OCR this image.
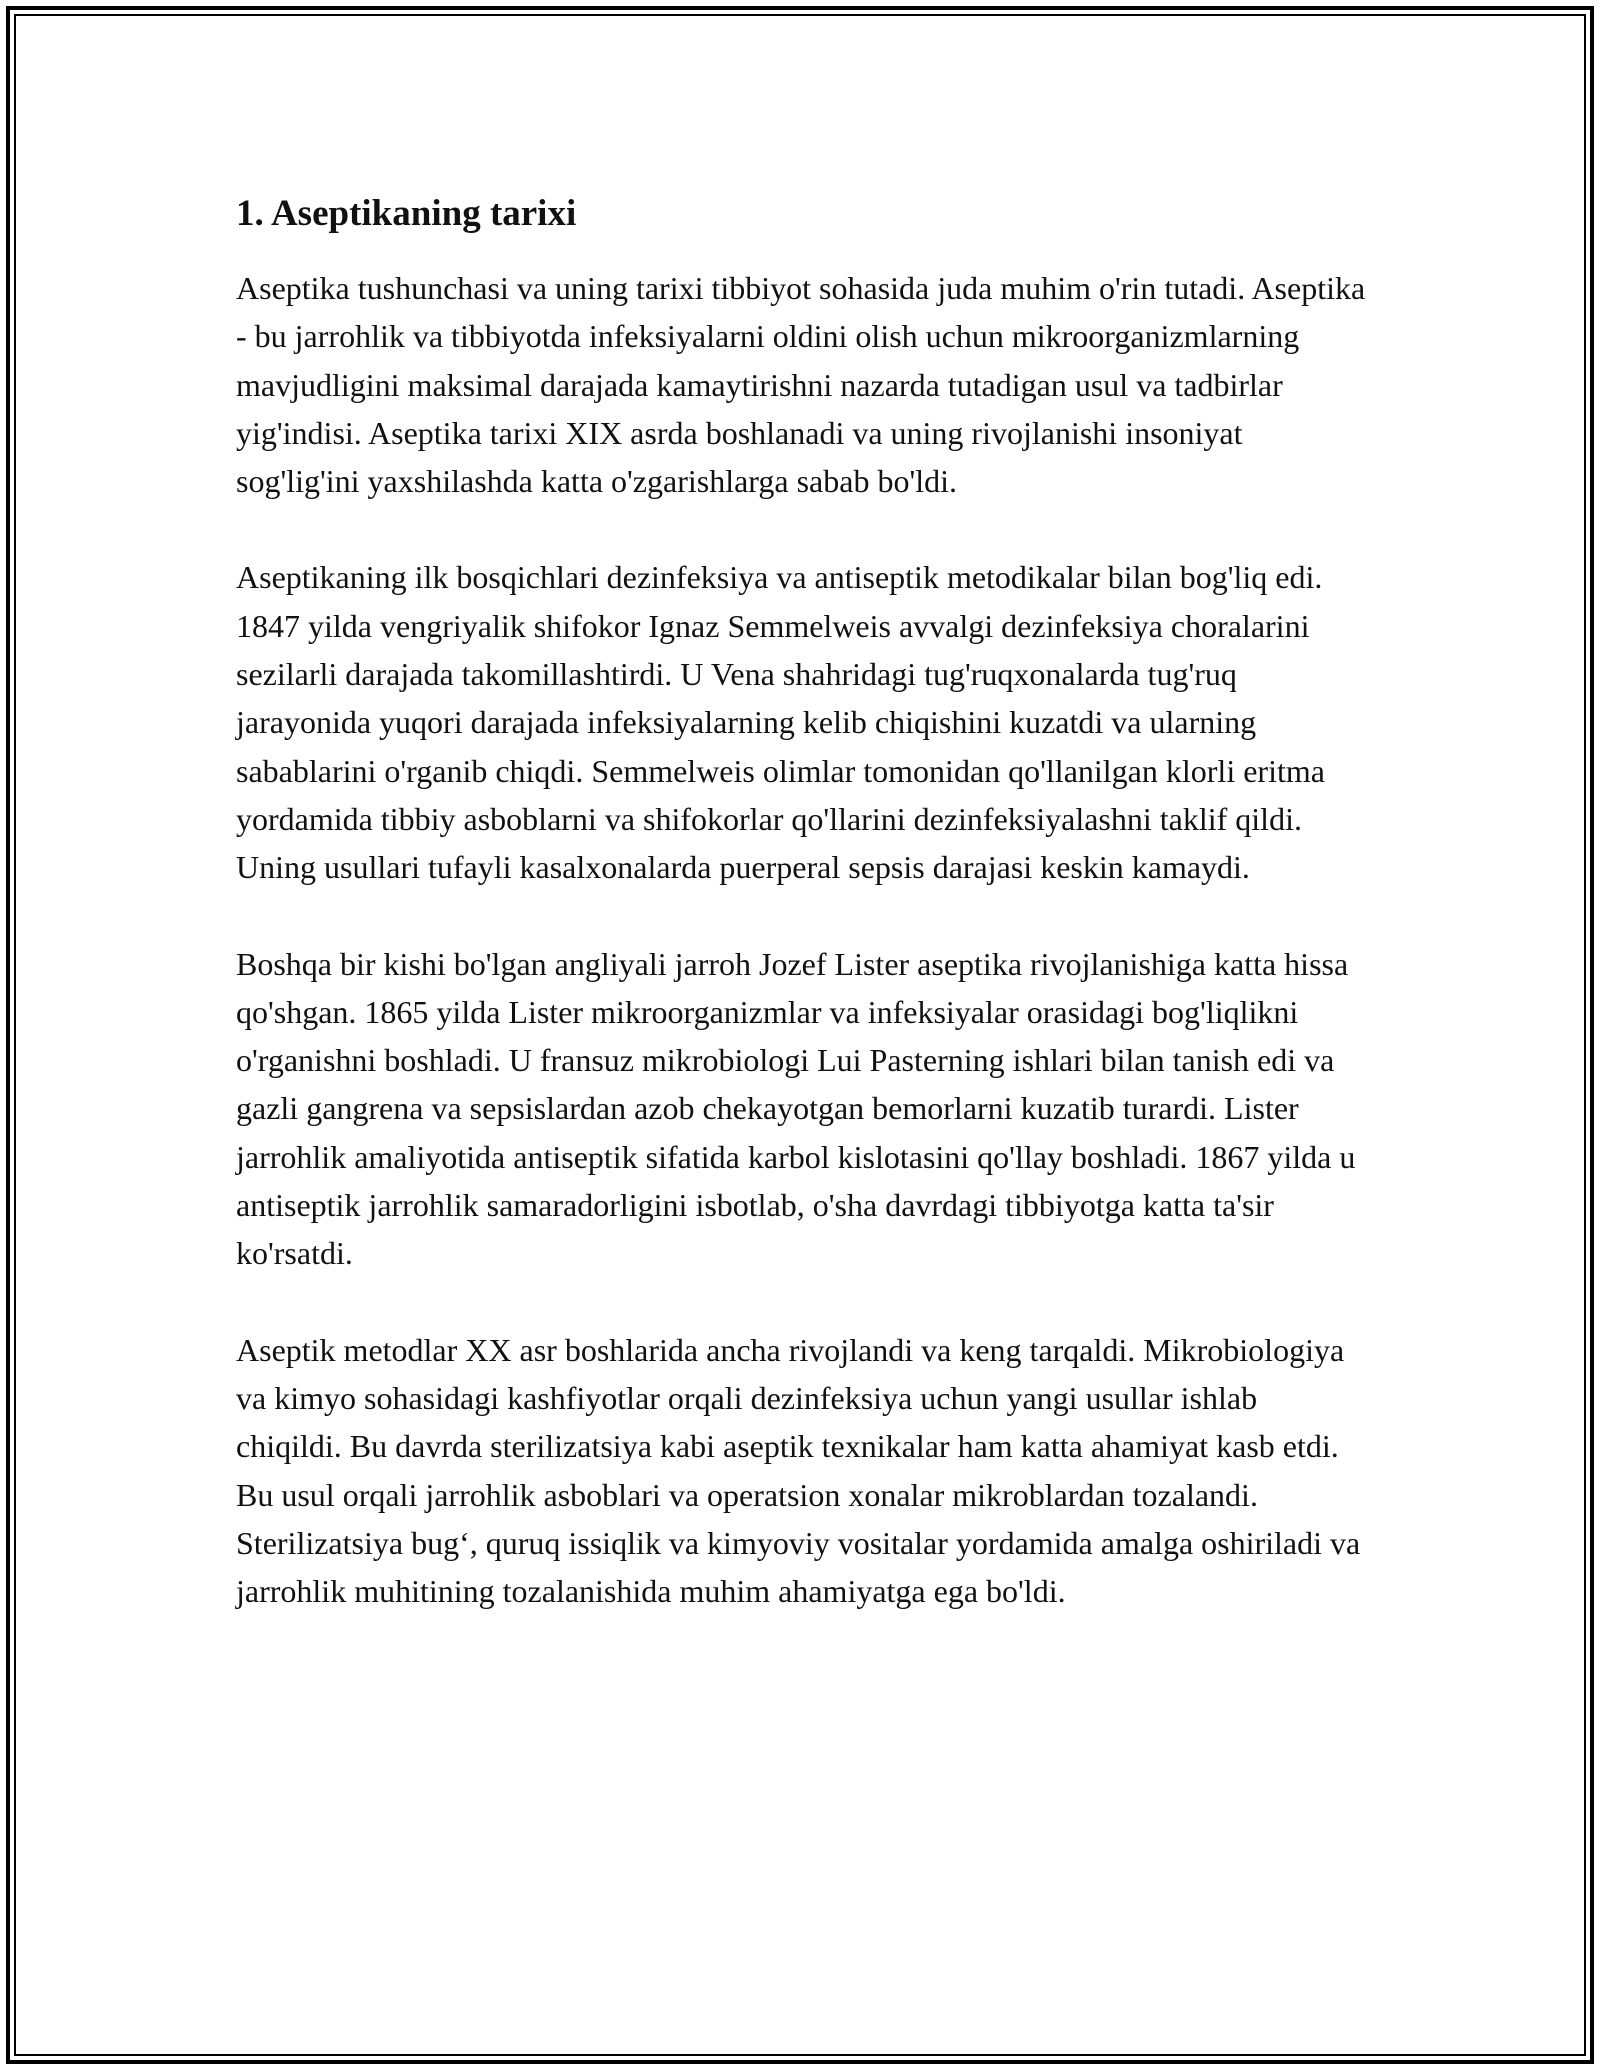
1. Aseptikaning tarixi

Aseptika tushunchasi va uning tarixi tibbiyot sohasida juda muhim o'rin tutadi. Aseptika - bu jarrohlik va tibbiyotda infeksiyalarni oldini olish uchun mikroorganizmlarning mavjudligini maksimal darajada kamaytirishni nazarda tutadigan usul va tadbirlar yig'indisi. Aseptika tarixi XIX asrda boshlanadi va uning rivojlanishi insoniyat sog'lig'ini yaxshilashda katta o'zgarishlarga sabab bo'ldi.

Aseptikaning ilk bosqichlari dezinfeksiya va antiseptik metodikalar bilan bog'liq edi. 1847 yilda vengriyalik shifokor Ignaz Semmelweis avvalgi dezinfeksiya choralarini sezilarli darajada takomillashtirdi. U Vena shahridagi tug'ruqxonalarda tug'ruq jarayonida yuqori darajada infeksiyalarning kelib chiqishini kuzatdi va ularning sabablarini o'rganib chiqdi. Semmelweis olimlar tomonidan qo'llanilgan klorli eritma yordamida tibbiy asboblarni va shifokorlar qo'llarini dezinfeksiyalashni taklif qildi. Uning usullari tufayli kasalxonalarda puerperal sepsis darajasi keskin kamaydi.

Boshqa bir kishi bo'lgan angliyali jarroh Jozef Lister aseptika rivojlanishiga katta hissa qo'shgan. 1865 yilda Lister mikroorganizmlar va infeksiyalar orasidagi bog'liqlikni o'rganishni boshladi. U fransuz mikrobiologi Lui Pasterning ishlari bilan tanish edi va gazli gangrena va sepsislardan azob chekayotgan bemorlarni kuzatib turardi. Lister jarrohlik amaliyotida antiseptik sifatida karbol kislotasini qo'llay boshladi. 1867 yilda u antiseptik jarrohlik samaradorligini isbotlab, o'sha davrdagi tibbiyotga katta ta'sir ko'rsatdi.

Aseptik metodlar XX asr boshlarida ancha rivojlandi va keng tarqaldi. Mikrobiologiya va kimyo sohasidagi kashfiyotlar orqali dezinfeksiya uchun yangi usullar ishlab chiqildi. Bu davrda sterilizatsiya kabi aseptik texnikalar ham katta ahamiyat kasb etdi. Bu usul orqali jarrohlik asboblari va operatsion xonalar mikroblardan tozalandi. Sterilizatsiya bug‘, quruq issiqlik va kimyoviy vositalar yordamida amalga oshiriladi va jarrohlik muhitining tozalanishida muhim ahamiyatga ega bo'ldi.
